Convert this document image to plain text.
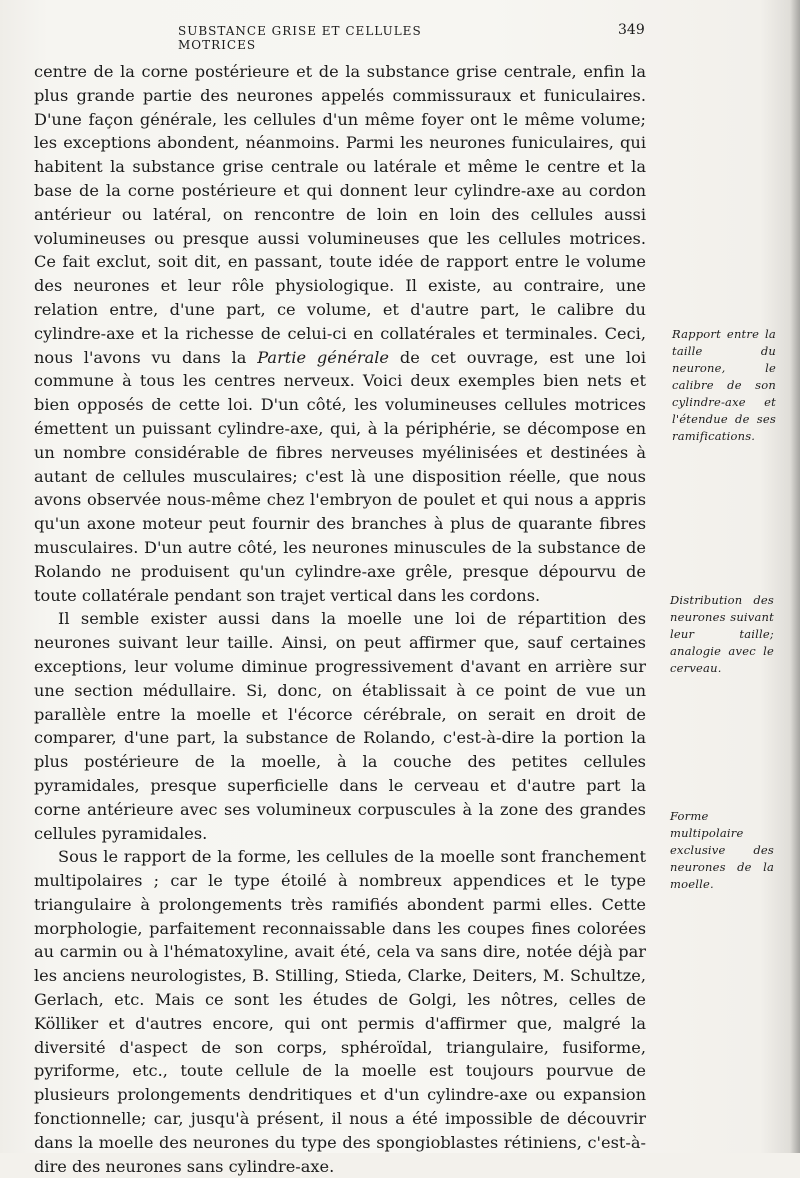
SUBSTANCE GRISE ET CELLULES MOTRICES
349

centre de la corne postérieure et de la substance grise centrale, enfin la plus grande partie des neurones appelés commissuraux et funiculaires. D'une façon générale, les cellules d'un même foyer ont le même volume; les exceptions abondent, néanmoins. Parmi les neurones funiculaires, qui habitent la substance grise centrale ou latérale et même le centre et la base de la corne postérieure et qui donnent leur cylindre-axe au cordon antérieur ou latéral, on rencontre de loin en loin des cellules aussi volumineuses ou presque aussi volumineuses que les cellules motrices. Ce fait exclut, soit dit, en passant, toute idée de rapport entre le volume des neurones et leur rôle physiologique. Il existe, au contraire, une relation entre, d'une part, ce volume, et d'autre part, le calibre du cylindre-axe et la richesse de celui-ci en collatérales et terminales. Ceci, nous l'avons vu dans la Partie générale de cet ouvrage, est une loi commune à tous les centres nerveux. Voici deux exemples bien nets et bien opposés de cette loi. D'un côté, les volumineuses cellules motrices émettent un puissant cylindre-axe, qui, à la périphérie, se décompose en un nombre considérable de fibres nerveuses myélinisées et destinées à autant de cellules musculaires; c'est là une disposition réelle, que nous avons observée nous-même chez l'embryon de poulet et qui nous a appris qu'un axone moteur peut fournir des branches à plus de quarante fibres musculaires. D'un autre côté, les neurones minuscules de la substance de Rolando ne produisent qu'un cylindre-axe grêle, presque dépourvu de toute collatérale pendant son trajet vertical dans les cordons.

Il semble exister aussi dans la moelle une loi de répartition des neurones suivant leur taille. Ainsi, on peut affirmer que, sauf certaines exceptions, leur volume diminue progressivement d'avant en arrière sur une section médullaire. Si, donc, on établissait à ce point de vue un parallèle entre la moelle et l'écorce cérébrale, on serait en droit de comparer, d'une part, la substance de Rolando, c'est-à-dire la portion la plus postérieure de la moelle, à la couche des petites cellules pyramidales, presque superficielle dans le cerveau et d'autre part la corne antérieure avec ses volumineux corpuscules à la zone des grandes cellules pyramidales.

Sous le rapport de la forme, les cellules de la moelle sont franchement multipolaires ; car le type étoilé à nombreux appendices et le type triangulaire à prolongements très ramifiés abondent parmi elles. Cette morphologie, parfaitement reconnaissable dans les coupes fines colorées au carmin ou à l'hématoxyline, avait été, cela va sans dire, notée déjà par les anciens neurologistes, B. Stilling, Stieda, Clarke, Deiters, M. Schultze, Gerlach, etc. Mais ce sont les études de Golgi, les nôtres, celles de Kölliker et d'autres encore, qui ont permis d'affirmer que, malgré la diversité d'aspect de son corps, sphéroïdal, triangulaire, fusiforme, pyriforme, etc., toute cellule de la moelle est toujours pourvue de plusieurs prolongements dendritiques et d'un cylindre-axe ou expansion fonctionnelle; car, jusqu'à présent, il nous a été impossible de découvrir dans la moelle des neurones du type des spongioblastes rétiniens, c'est-à-dire des neurones sans cylindre-axe.

Rapport entre la taille du neurone, le calibre de son cylindre-axe et l'étendue de ses ramifications.
Distribution des neurones suivant leur taille; analogie avec le cerveau.
Forme multipolaire exclusive des neurones de la moelle.
